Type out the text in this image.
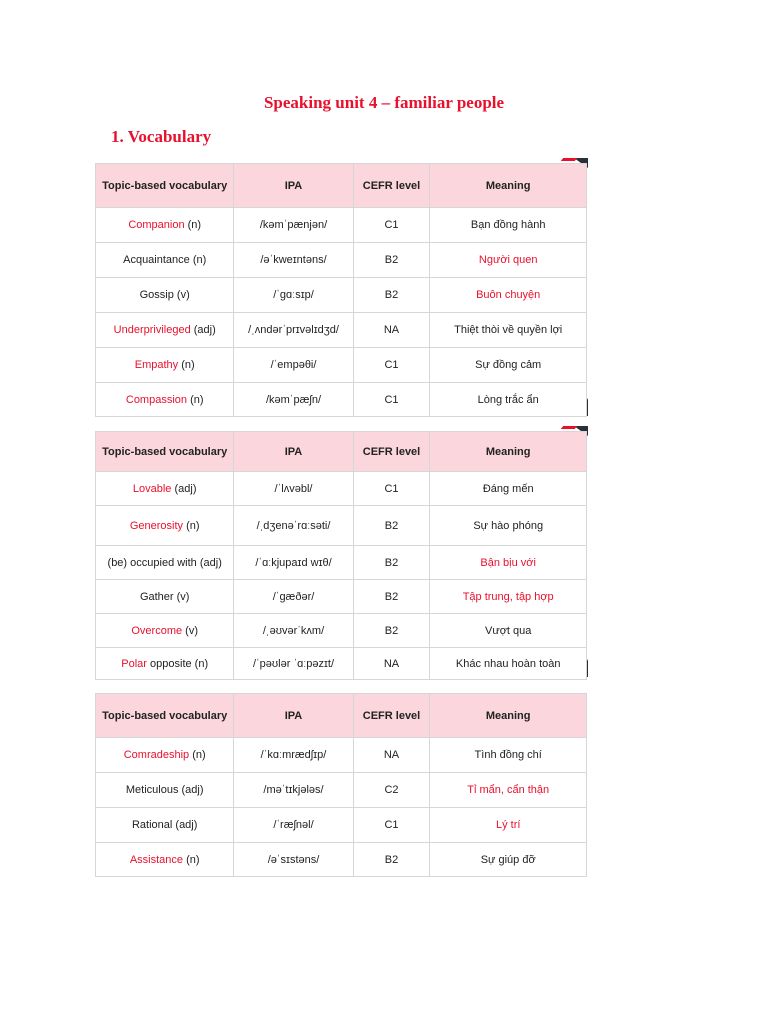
Speaking unit 4 – familiar people
1. Vocabulary
Topic-based vocabulary	IPA	CEFR level	Meaning
Companion (n)	/kəmˈpænjən/	C1	Bạn đồng hành
Acquaintance (n)	/əˈkweɪntəns/	B2	Người quen
Gossip (v)	/ˈgɑːsɪp/	B2	Buôn chuyện
Underprivileged (adj)	/ˌʌndərˈprɪvəlɪdʒd/	NA	Thiệt thòi về quyền lợi
Empathy (n)	/ˈempəθi/	C1	Sự đồng cảm
Compassion (n)	/kəmˈpæʃn/	C1	Lòng trắc ẩn
Topic-based vocabulary	IPA	CEFR level	Meaning
Lovable (adj)	/ˈlʌvəbl/	C1	Đáng mến
Generosity (n)	/ˌdʒenəˈrɑːsəti/	B2	Sự hào phóng
(be) occupied with (adj)	/ˈɑːkjupaɪd wɪθ/	B2	Bận bịu với
Gather (v)	/ˈgæðər/	B2	Tập trung, tập hợp
Overcome (v)	/ˌəʊvərˈkʌm/	B2	Vượt qua
Polar opposite (n)	/ˈpəʊlər ˈɑːpəzɪt/	NA	Khác nhau hoàn toàn
Topic-based vocabulary	IPA	CEFR level	Meaning
Comradeship (n)	/ˈkɑːmrædʃɪp/	NA	Tình đồng chí
Meticulous (adj)	/məˈtɪkjələs/	C2	Tỉ mẩn, cẩn thận
Rational (adj)	/ˈræʃnəl/	C1	Lý trí
Assistance (n)	/əˈsɪstəns/	B2	Sự giúp đỡ
